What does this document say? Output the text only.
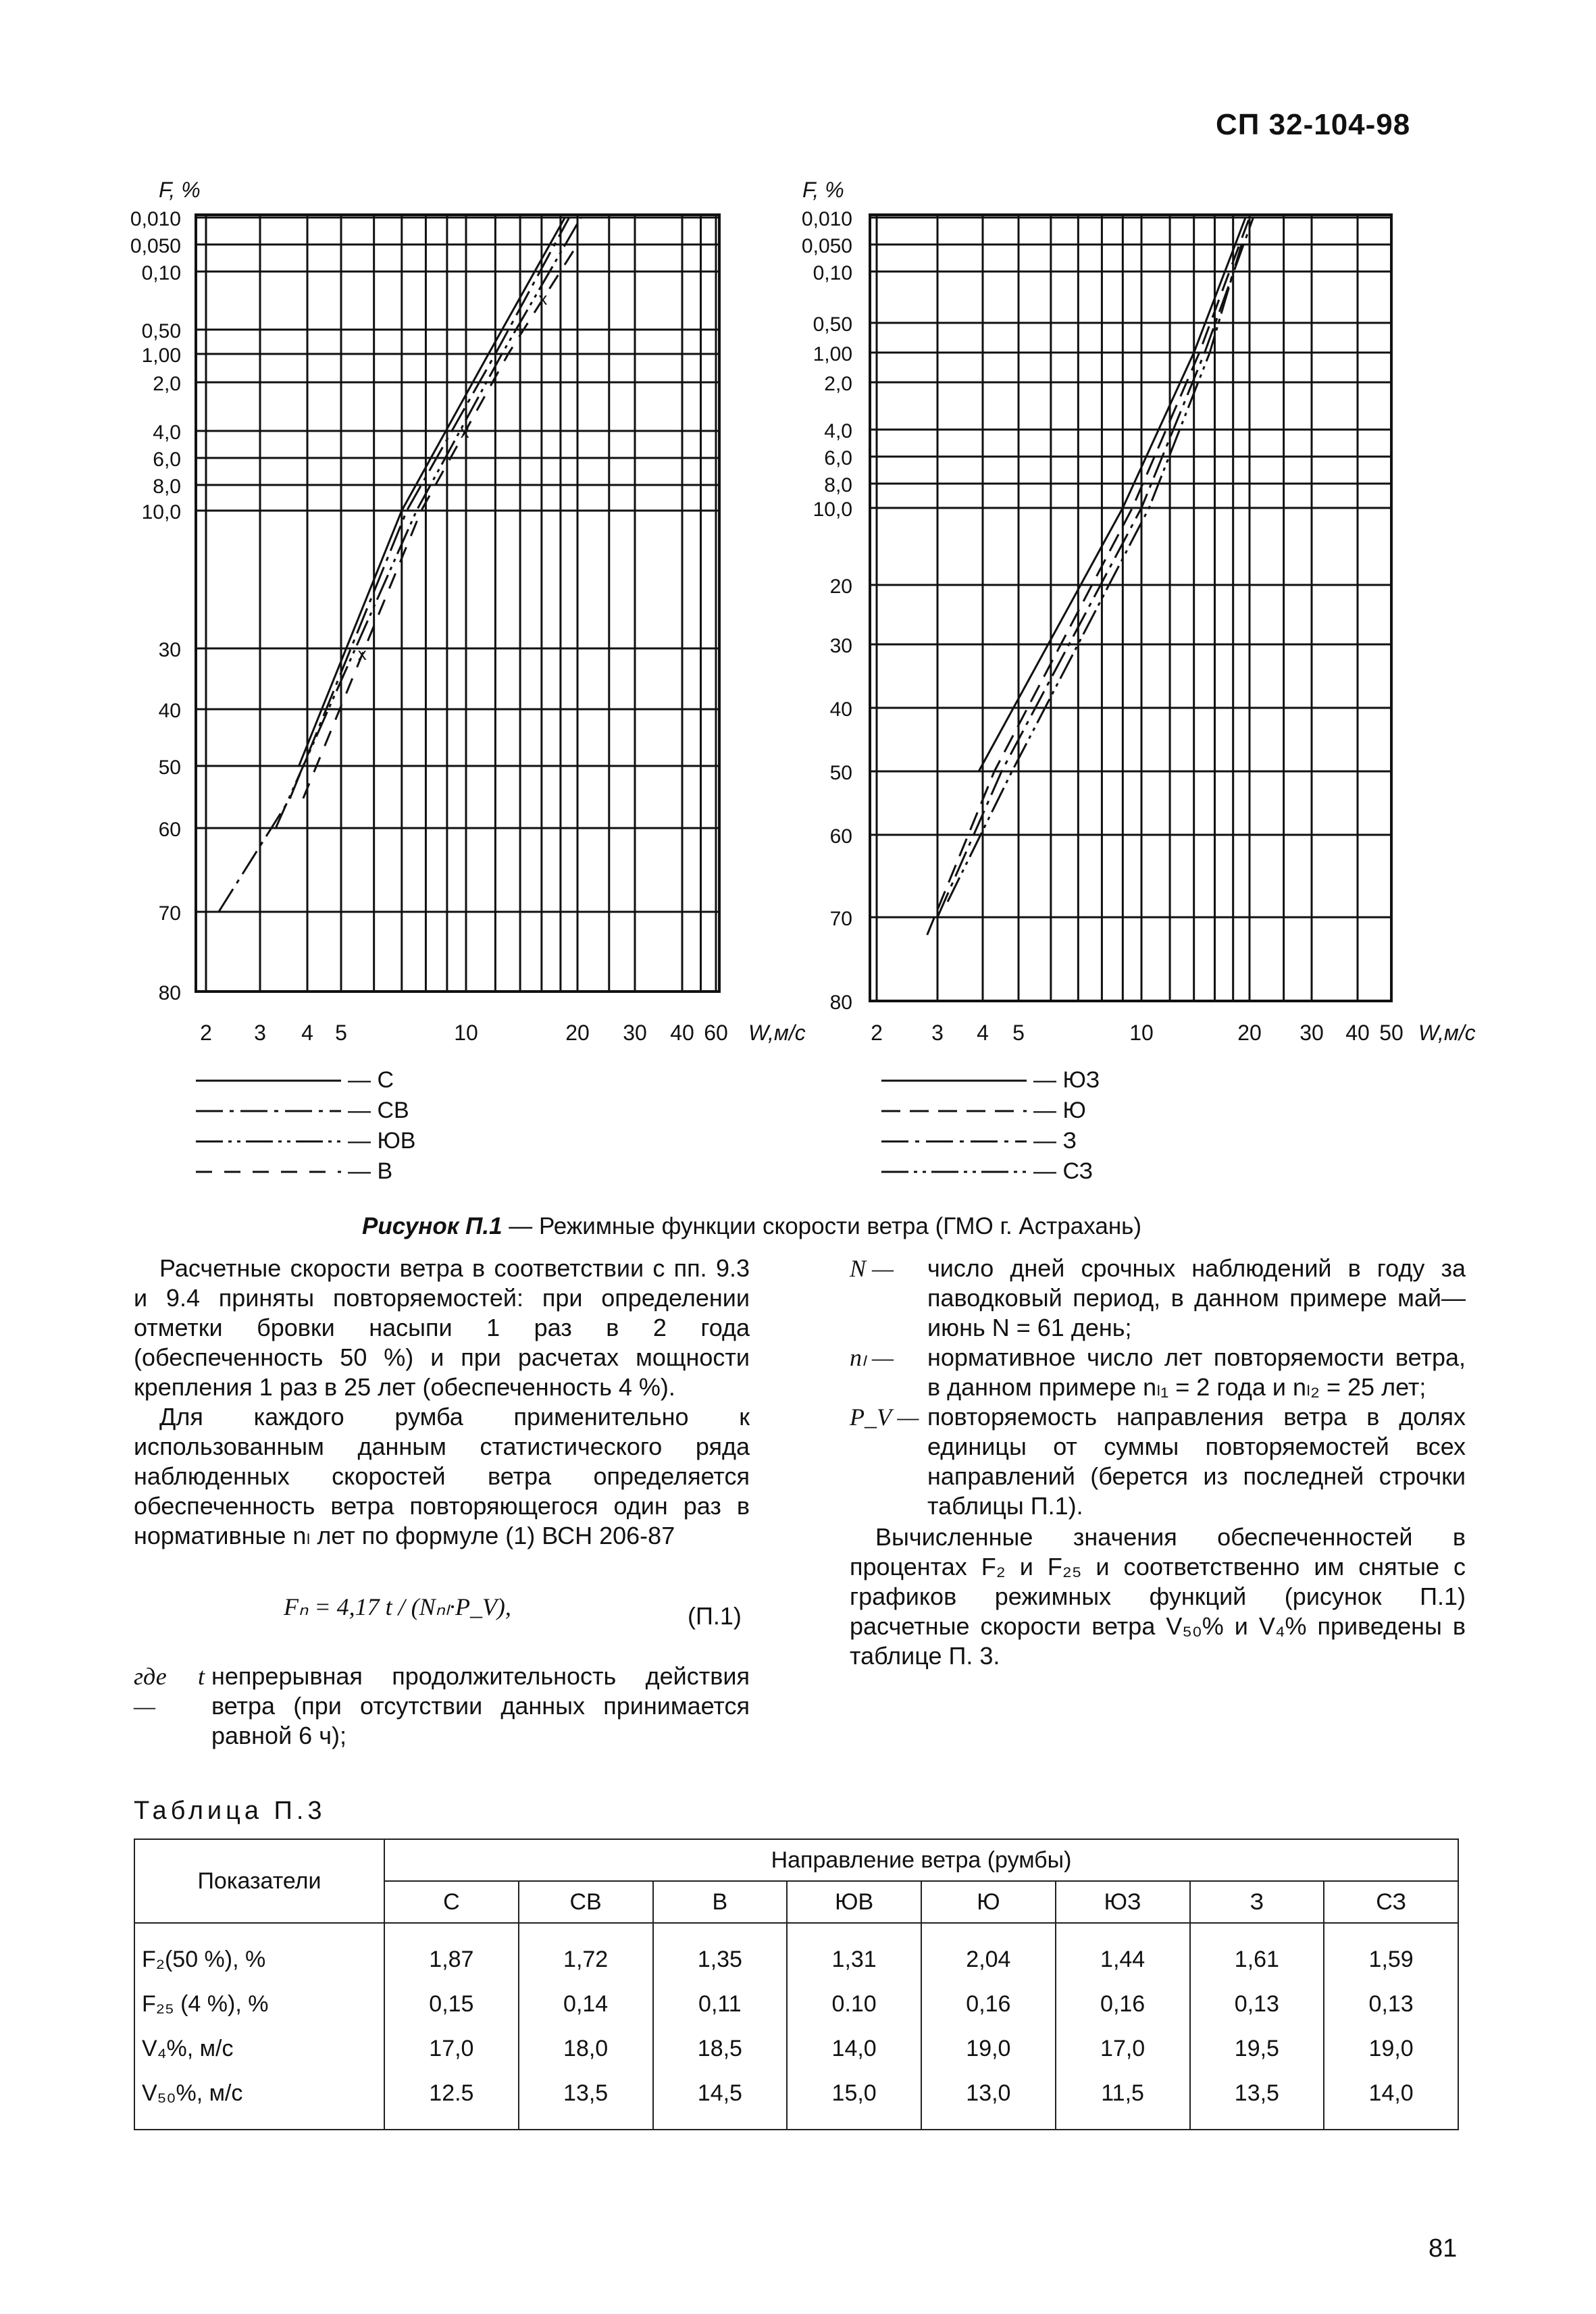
СП 32-104-98
0,010
0,050
0,10
0,50
1,00
2,0
4,0
6,0
8,0
10,0
30
40
50
60
70
80
2 3 4 5	10	20 30 40 60 W,м/с
F, %
x
x
x
————————	— С
—.—.—.—	— СВ
—..—..—	— ЮВ
— x — x —	— В
0,010
0,050
0,10
0,50
1,00
2,0
4,0
6,0
8,0
10,0
20
30
40
50
60
70
80
2 3 4 5	10	20 30 40 50 W,м/с
F, %
————————	— ЮЗ
— — — —	— Ю
—.—.—.—	— З
—..—..—	— СЗ
Рисунок П.1 — Режимные функции скорости ветра (ГМО г. Астрахань)

Расчетные скорости ветра в соответствии с пп. 9.3 и 9.4 приняты повторяемостей: при определении отметки бровки насыпи 1 раз в 2 года (обеспеченность 50 %) и при расчетах мощности крепления 1 раз в 25 лет (обеспеченность 4 %).

Для каждого румба применительно к использованным данным статистического ряда наблюденных скоростей ветра определяется обеспеченность ветра повторяющегося один раз в нормативные nₗ лет по формуле (1) ВСН 206-87

Fₙ = 4,17 t / (Nₙₗ·P_V),	(П.1)
где t —
непрерывная продолжительность действия ветра (при отсутствии данных принимается равной 6 ч);
N —	число дней срочных наблюдений в году за паводковый период, в данном примере май—июнь N = 61 день;
nₗ —	нормативное число лет повторяемости ветра, в данном примере nₗ₁ = 2 года и nₗ₂ = 25 лет;
P_V — повторяемость направления ветра в долях единицы от суммы повторяемостей всех направлений (берется из последней строчки таблицы П.1).

Вычисленные значения обеспеченностей в процентах F₂ и F₂₅ и соответственно им снятые с графиков режимных функций (рисунок П.1) расчетные скорости ветра V₅₀% и V₄% приведены в таблице П. 3.

Таблица П.3
Показатели	Направление ветра (румбы)							
	С	СВ	В	ЮВ	Ю	ЮЗ	З	СЗ
F₂(50 %), %	1,87	1,72	1,35	1,31	2,04	1,44	1,61	1,59
F₂₅ (4 %), %	0,15	0,14	0,11	0.10	0,16	0,16	0,13	0,13
V₄%, м/с	17,0	18,0	18,5	14,0	19,0	17,0	19,5	19,0
V₅₀%, м/с	12.5	13,5	14,5	15,0	13,0	11,5	13,5	14,0
81
